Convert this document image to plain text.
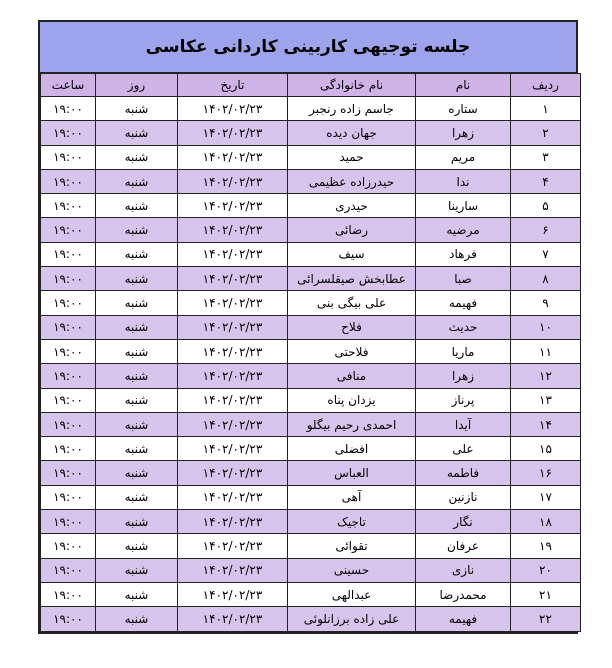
جلسه توجیهی کاربینی کاردانی عکاسی
ردیف	نام	نام خانوادگی	تاریخ	روز	ساعت
۱	ستاره	جاسم زاده رنجبر	۱۴۰۲/۰۲/۲۳	شنبه	۱۹:۰۰
۲	زهرا	جهان دیده	۱۴۰۲/۰۲/۲۳	شنبه	۱۹:۰۰
۳	مریم	حمید	۱۴۰۲/۰۲/۲۳	شنبه	۱۹:۰۰
۴	ندا	حیدرزاده عظیمی	۱۴۰۲/۰۲/۲۳	شنبه	۱۹:۰۰
۵	سارینا	حیدری	۱۴۰۲/۰۲/۲۳	شنبه	۱۹:۰۰
۶	مرضیه	رضائی	۱۴۰۲/۰۲/۲۳	شنبه	۱۹:۰۰
۷	فرهاد	سیف	۱۴۰۲/۰۲/۲۳	شنبه	۱۹:۰۰
۸	صبا	عطابخش صیقلسرائی	۱۴۰۲/۰۲/۲۳	شنبه	۱۹:۰۰
۹	فهیمه	علی بیگی بنی	۱۴۰۲/۰۲/۲۳	شنبه	۱۹:۰۰
۱۰	حدیث	فلاح	۱۴۰۲/۰۲/۲۳	شنبه	۱۹:۰۰
۱۱	ماریا	فلاحتی	۱۴۰۲/۰۲/۲۳	شنبه	۱۹:۰۰
۱۲	زهرا	منافی	۱۴۰۲/۰۲/۲۳	شنبه	۱۹:۰۰
۱۳	پرناز	یزدان پناه	۱۴۰۲/۰۲/۲۳	شنبه	۱۹:۰۰
۱۴	آیدا	احمدی رحیم بیگلو	۱۴۰۲/۰۲/۲۳	شنبه	۱۹:۰۰
۱۵	علی	افضلی	۱۴۰۲/۰۲/۲۳	شنبه	۱۹:۰۰
۱۶	فاطمه	العباس	۱۴۰۲/۰۲/۲۳	شنبه	۱۹:۰۰
۱۷	نازنین	آهی	۱۴۰۲/۰۲/۲۳	شنبه	۱۹:۰۰
۱۸	نگار	تاجیک	۱۴۰۲/۰۲/۲۳	شنبه	۱۹:۰۰
۱۹	عرفان	تقوائی	۱۴۰۲/۰۲/۲۳	شنبه	۱۹:۰۰
۲۰	نازی	حسینی	۱۴۰۲/۰۲/۲۳	شنبه	۱۹:۰۰
۲۱	محمدرضا	عبدالهی	۱۴۰۲/۰۲/۲۳	شنبه	۱۹:۰۰
۲۲	فهیمه	علی زاده برزانلوئی	۱۴۰۲/۰۲/۲۳	شنبه	۱۹:۰۰
